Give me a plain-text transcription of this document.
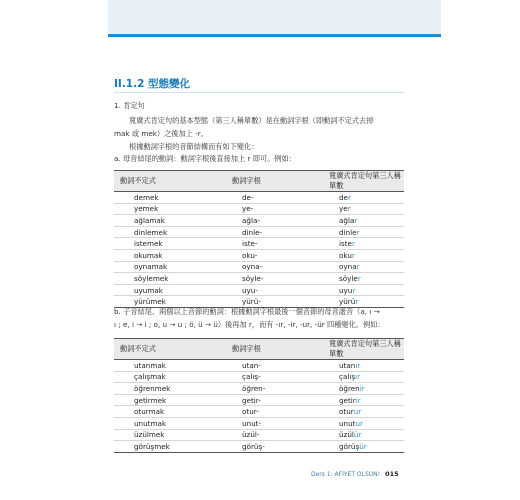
II.1.2 型態變化
1. 肯定句
寬廣式肯定句的基本型態（第三人稱單數）是在動詞字根（即動詞不定式去掉
mak 或 mek）之後加上 -r。
根據動詞字根的音節結構而有如下變化：
a. 母音結尾的動詞：動詞字根後直接加上 r 即可。例如：
動詞不定式	動詞字根	寬廣式肯定句第三人稱單數
demek	de-	der
yemek	ye-	yer
ağlamak	ağla-	ağlar
dinlemek	dinle-	dinler
istemek	iste-	ister
okumak	oku-	okur
oynamak	oyna-	oynar
söylemek	söyle-	söyler
uyumak	uyu-	uyur
yürümek	yürü-	yürür
b. 子音結尾、兩個以上音節的動詞：根據動詞字根最後一個音節的母音諧音（a, ı →
ı ; e, i → i ; o, u → u ; ö, ü → ü）後再加 r，而有 -ır, -ir, -ur, -ür 四種變化。例如：
動詞不定式	動詞字根	寬廣式肯定句第三人稱單數
utanmak	utan-	utanır
çalışmak	çalış-	çalışır
öğrenmek	öğren-	öğrenir
getirmek	getir-	getirir
oturmak	otur-	oturur
unutmak	unut-	unutur
üzülmek	üzül-	üzülür
görüşmek	görüş-	görüşür
Ders 1: AFİYET OLSUN! 015
